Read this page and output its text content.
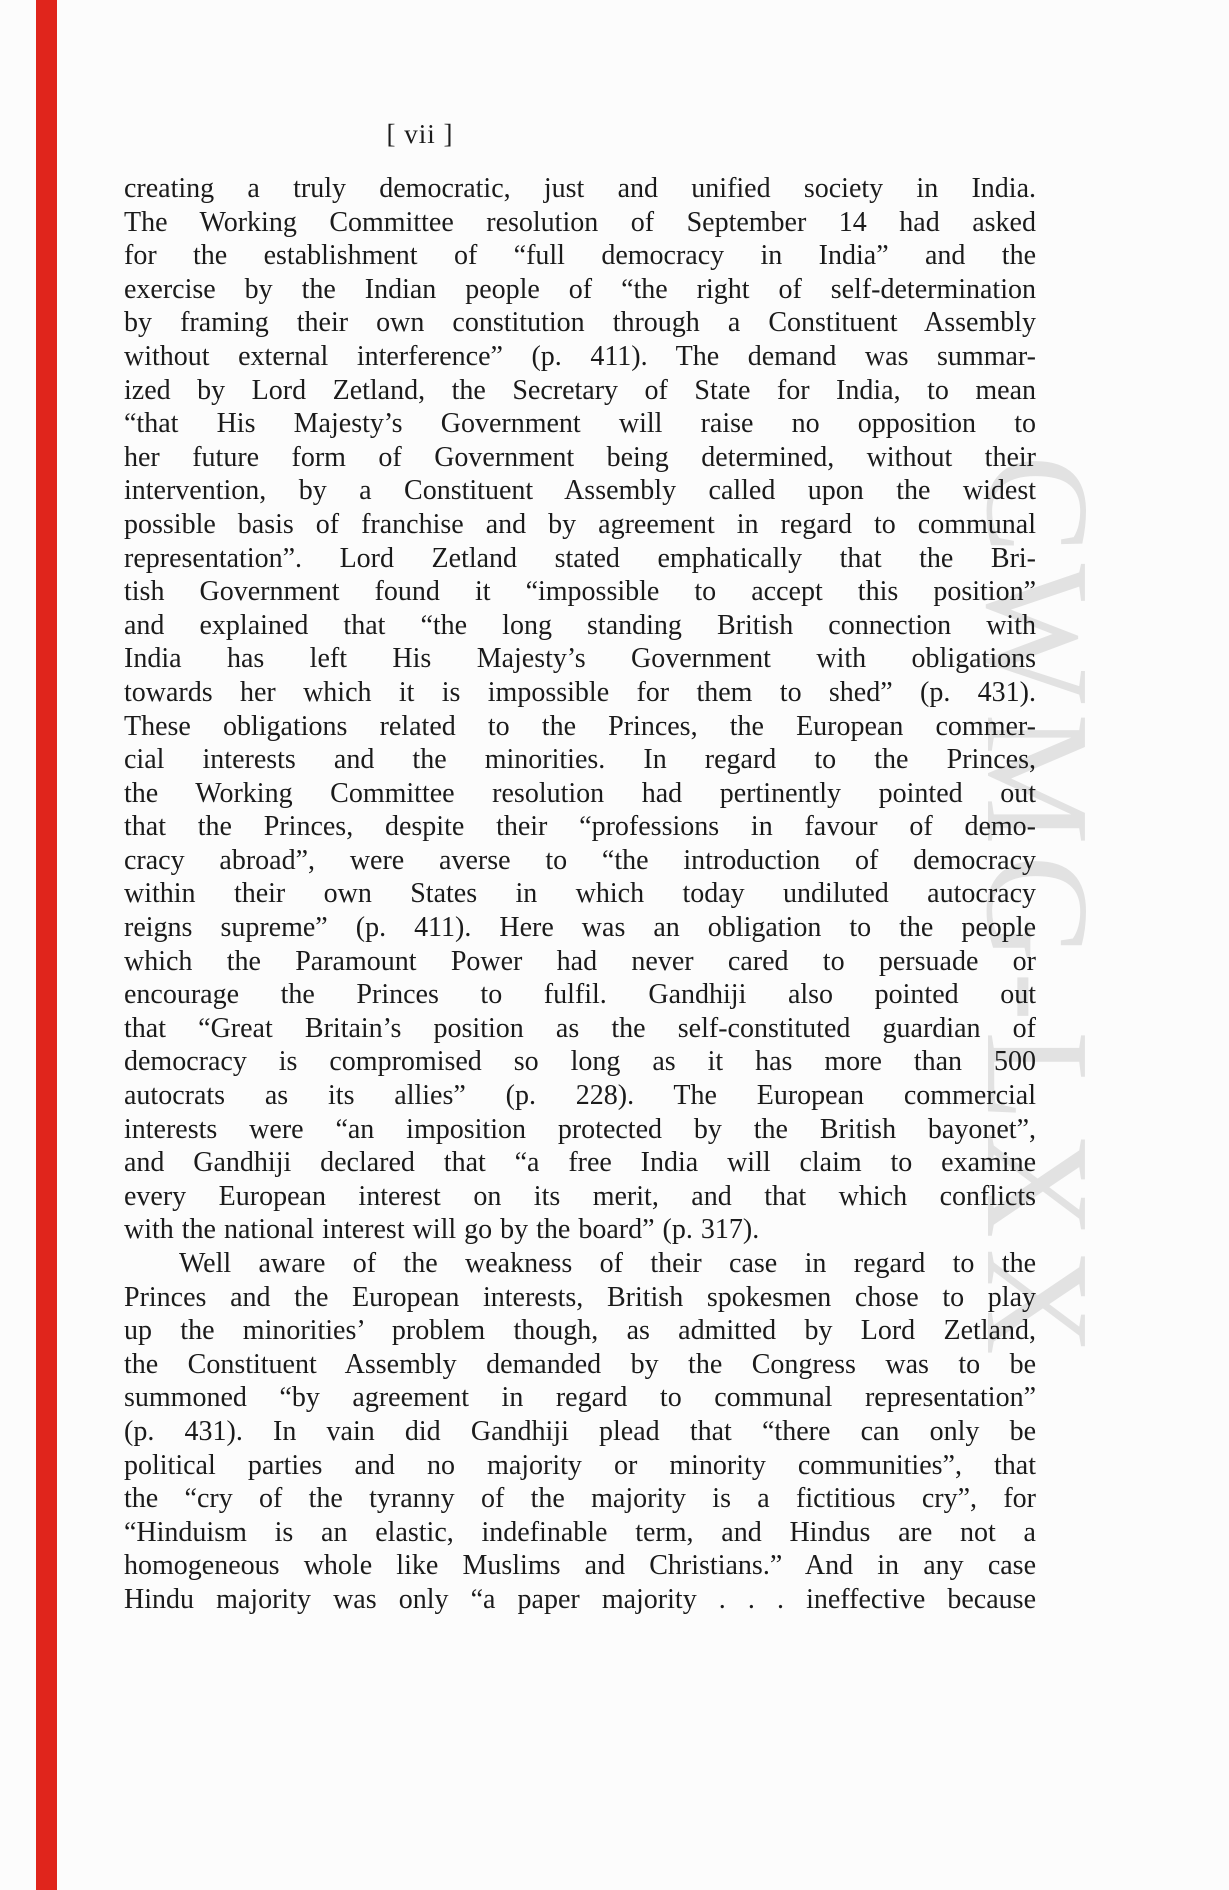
CWMG-LXX
[ vii ]
creating a truly democratic, just and unified society in India.
The Working Committee resolution of September 14 had asked
for the establishment of “full democracy in India” and the
exercise by the Indian people of “the right of self-determination
by framing their own constitution through a Constituent Assembly
without external interference” (p. 411). The demand was summar-
ized by Lord Zetland, the Secretary of State for India, to mean
“that His Majesty’s Government will raise no opposition to
her future form of Government being determined, without their
intervention, by a Constituent Assembly called upon the widest
possible basis of franchise and by agreement in regard to communal
representation”. Lord Zetland stated emphatically that the Bri-
tish Government found it “impossible to accept this position”
and explained that “the long standing British connection with
India has left His Majesty’s Government with obligations
towards her which it is impossible for them to shed” (p. 431).
These obligations related to the Princes, the European commer-
cial interests and the minorities. In regard to the Princes,
the Working Committee resolution had pertinently pointed out
that the Princes, despite their “professions in favour of demo-
cracy abroad”, were averse to “the introduction of democracy
within their own States in which today undiluted autocracy
reigns supreme” (p. 411). Here was an obligation to the people
which the Paramount Power had never cared to persuade or
encourage the Princes to fulfil. Gandhiji also pointed out
that “Great Britain’s position as the self-constituted guardian of
democracy is compromised so long as it has more than 500
autocrats as its allies” (p. 228). The European commercial
interests were “an imposition protected by the British bayonet”,
and Gandhiji declared that “a free India will claim to examine
every European interest on its merit, and that which conflicts
with the national interest will go by the board” (p. 317).
Well aware of the weakness of their case in regard to the
Princes and the European interests, British spokesmen chose to play
up the minorities’ problem though, as admitted by Lord Zetland,
the Constituent Assembly demanded by the Congress was to be
summoned “by agreement in regard to communal representation”
(p. 431). In vain did Gandhiji plead that “there can only be
political parties and no majority or minority communities”, that
the “cry of the tyranny of the majority is a fictitious cry”, for
“Hinduism is an elastic, indefinable term, and Hindus are not a
homogeneous whole like Muslims and Christians.” And in any case
Hindu majority was only “a paper majority . . . ineffective because
